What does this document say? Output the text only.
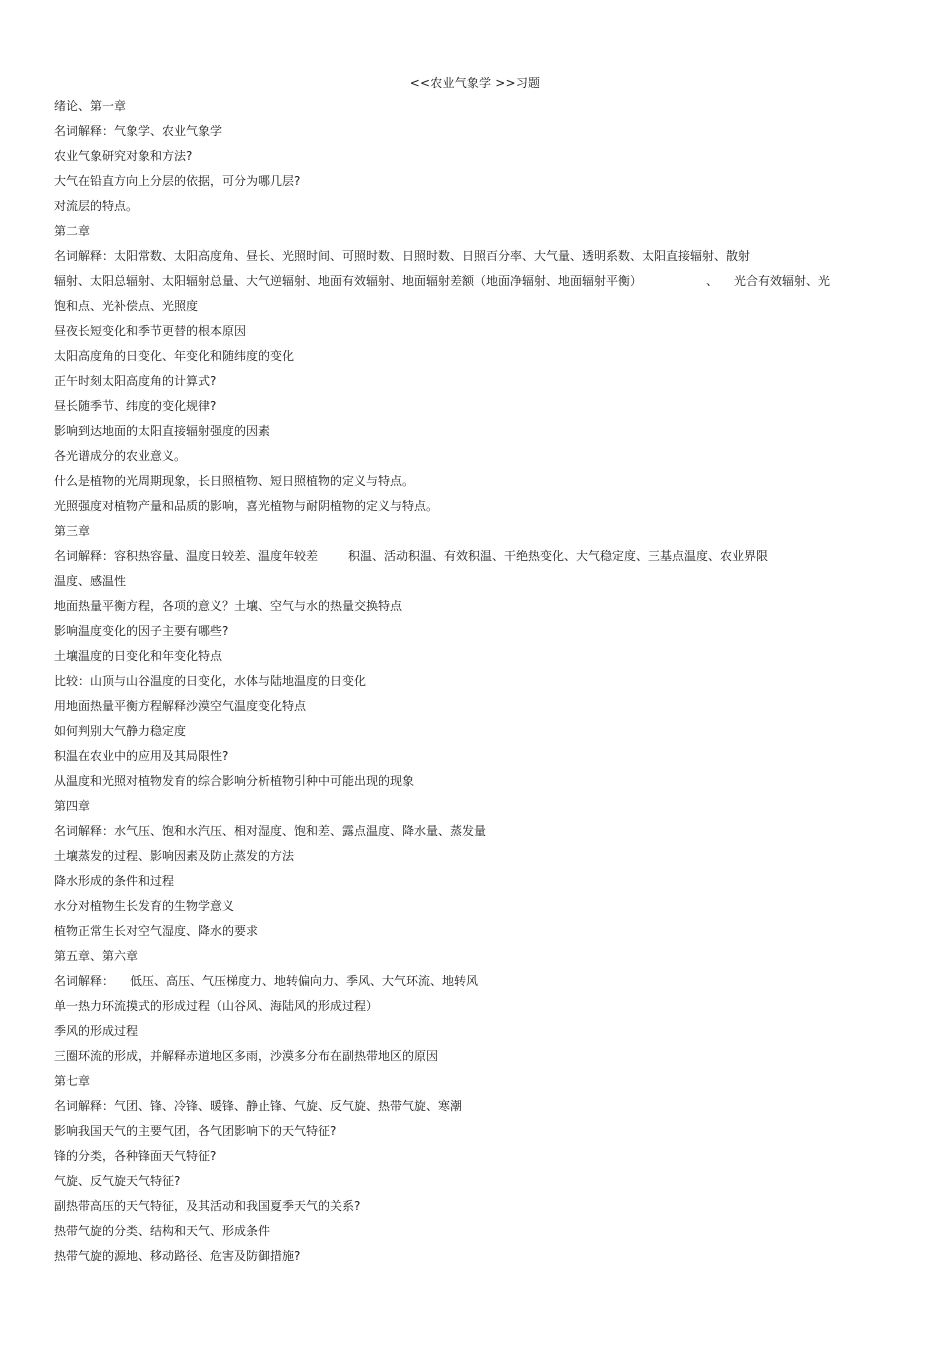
<<农业气象学 >>习题
绪论、第一章
名词解释：气象学、农业气象学
农业气象研究对象和方法?
大气在铅直方向上分层的依据，可分为哪几层?
对流层的特点。
第二章
名词解释：太阳常数、太阳高度角、昼长、光照时间、可照时数、日照时数、日照百分率、大气量、透明系数、太阳直接辐射、散射
辐射、太阳总辐射、太阳辐射总量、大气逆辐射、地面有效辐射、地面辐射差额（地面净辐射、地面辐射平衡）	、 光合有效辐射、光
饱和点、光补偿点、光照度
昼夜长短变化和季节更替的根本原因
太阳高度角的日变化、年变化和随纬度的变化
正午时刻太阳高度角的计算式?
昼长随季节、纬度的变化规律?
影响到达地面的太阳直接辐射强度的因素
各光谱成分的农业意义。
什么是植物的光周期现象，长日照植物、短日照植物的定义与特点。
光照强度对植物产量和品质的影响，喜光植物与耐阴植物的定义与特点。
第三章
名词解释：容积热容量、温度日较差、温度年较差	积温、活动积温、有效积温、干绝热变化、大气稳定度、三基点温度、农业界限
温度、感温性
地面热量平衡方程，各项的意义？土壤、空气与水的热量交换特点
影响温度变化的因子主要有哪些?
土壤温度的日变化和年变化特点
比较：山顶与山谷温度的日变化，水体与陆地温度的日变化
用地面热量平衡方程解释沙漠空气温度变化特点
如何判别大气静力稳定度
积温在农业中的应用及其局限性?
从温度和光照对植物发育的综合影响分析植物引种中可能出现的现象
第四章
名词解释：水气压、饱和水汽压、相对湿度、饱和差、露点温度、降水量、蒸发量
土壤蒸发的过程、影响因素及防止蒸发的方法
降水形成的条件和过程
水分对植物生长发育的生物学意义
植物正常生长对空气湿度、降水的要求
第五章、第六章
名词解释： 低压、高压、气压梯度力、地转偏向力、季风、大气环流、地转风
单一热力环流摸式的形成过程（山谷风、海陆风的形成过程）
季风的形成过程
三圈环流的形成，并解释赤道地区多雨，沙漠多分布在副热带地区的原因
第七章
名词解释：气团、锋、冷锋、暖锋、静止锋、气旋、反气旋、热带气旋、寒潮
影响我国天气的主要气团，各气团影响下的天气特征?
锋的分类，各种锋面天气特征?
气旋、反气旋天气特征?
副热带高压的天气特征，及其活动和我国夏季天气的关系?
热带气旋的分类、结构和天气、形成条件
热带气旋的源地、移动路径、危害及防御措施?
